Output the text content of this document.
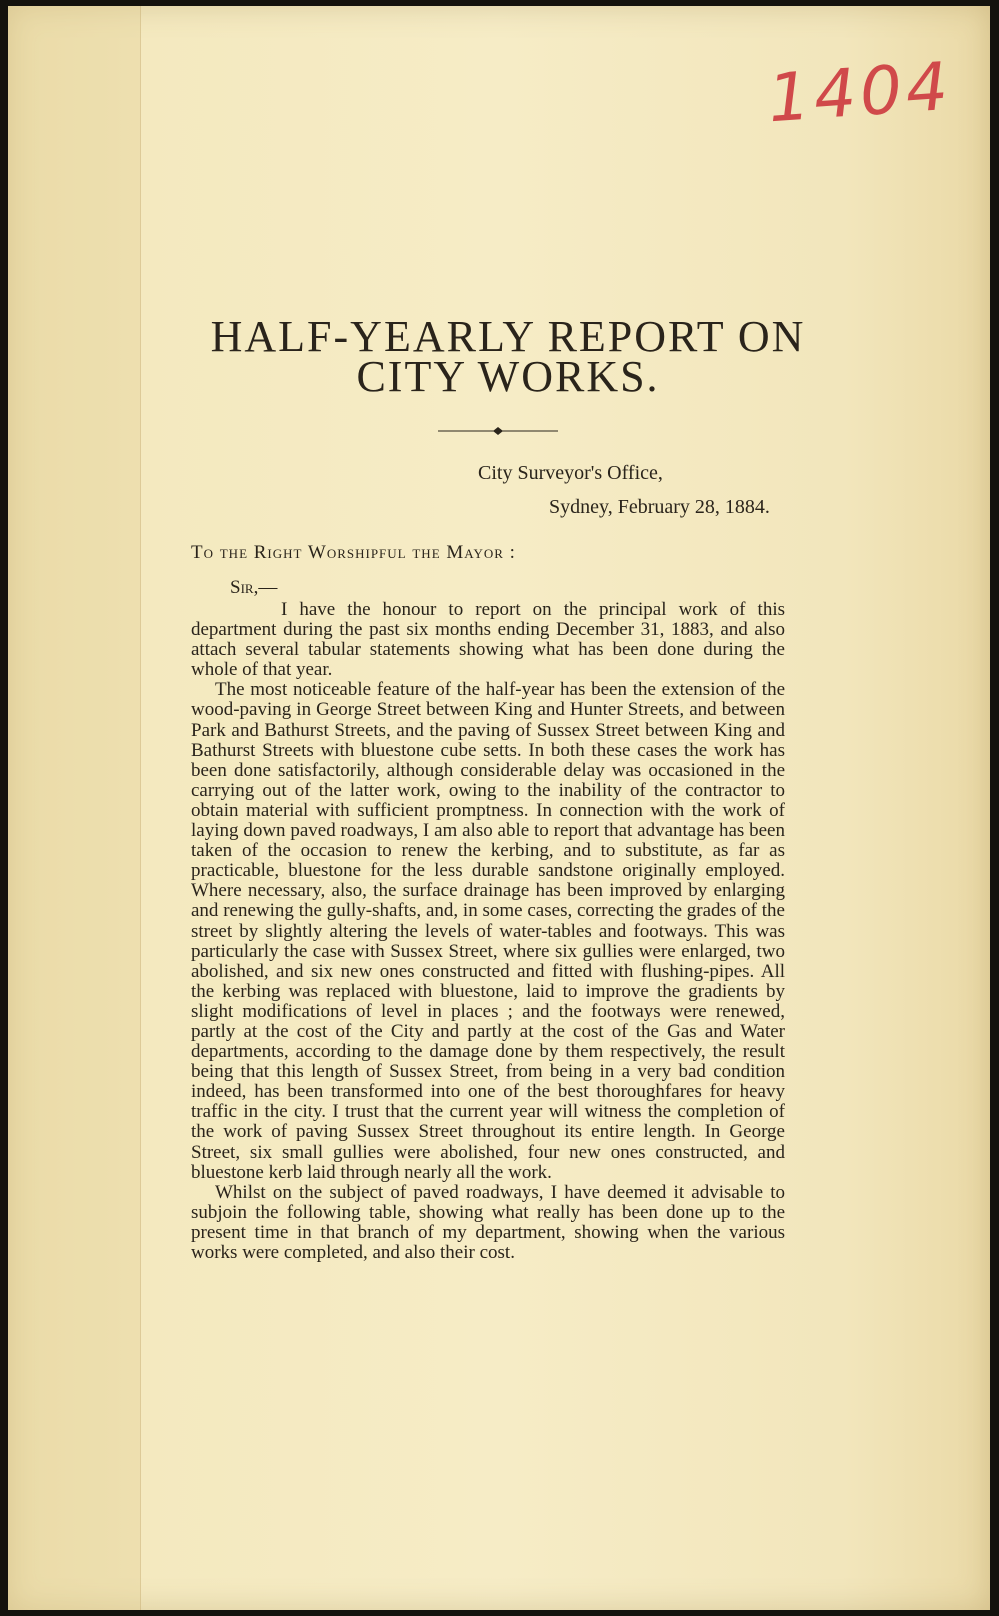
1404
HALF-YEARLY REPORT ON
CITY WORKS.
City Surveyor's Office,
Sydney, February 28, 1884.
To the Right Worshipful the Mayor :
Sir,—

I have the honour to report on the principal work of this department during the past six months ending December 31, 1883, and also attach several tabular statements showing what has been done during the whole of that year.

The most noticeable feature of the half-year has been the extension of the wood-paving in George Street between King and Hunter Streets, and between Park and Bathurst Streets, and the paving of Sussex Street between King and Bathurst Streets with bluestone cube setts. In both these cases the work has been done satisfactorily, although considerable delay was occasioned in the carrying out of the latter work, owing to the inability of the contractor to obtain material with sufficient promptness. In connection with the work of laying down paved roadways, I am also able to report that advantage has been taken of the occasion to renew the kerbing, and to substitute, as far as practicable, bluestone for the less durable sandstone originally employed. Where necessary, also, the surface drainage has been improved by enlarging and renewing the gully-shafts, and, in some cases, correcting the grades of the street by slightly altering the levels of water-tables and footways. This was particularly the case with Sussex Street, where six gullies were enlarged, two abolished, and six new ones constructed and fitted with flushing-pipes. All the kerbing was replaced with bluestone, laid to improve the gradients by slight modifications of level in places ; and the footways were renewed, partly at the cost of the City and partly at the cost of the Gas and Water departments, according to the damage done by them respectively, the result being that this length of Sussex Street, from being in a very bad condition indeed, has been transformed into one of the best thoroughfares for heavy traffic in the city. I trust that the current year will witness the completion of the work of paving Sussex Street throughout its entire length. In George Street, six small gullies were abolished, four new ones constructed, and bluestone kerb laid through nearly all the work.

Whilst on the subject of paved roadways, I have deemed it advisable to subjoin the following table, showing what really has been done up to the present time in that branch of my department, showing when the various works were completed, and also their cost.
